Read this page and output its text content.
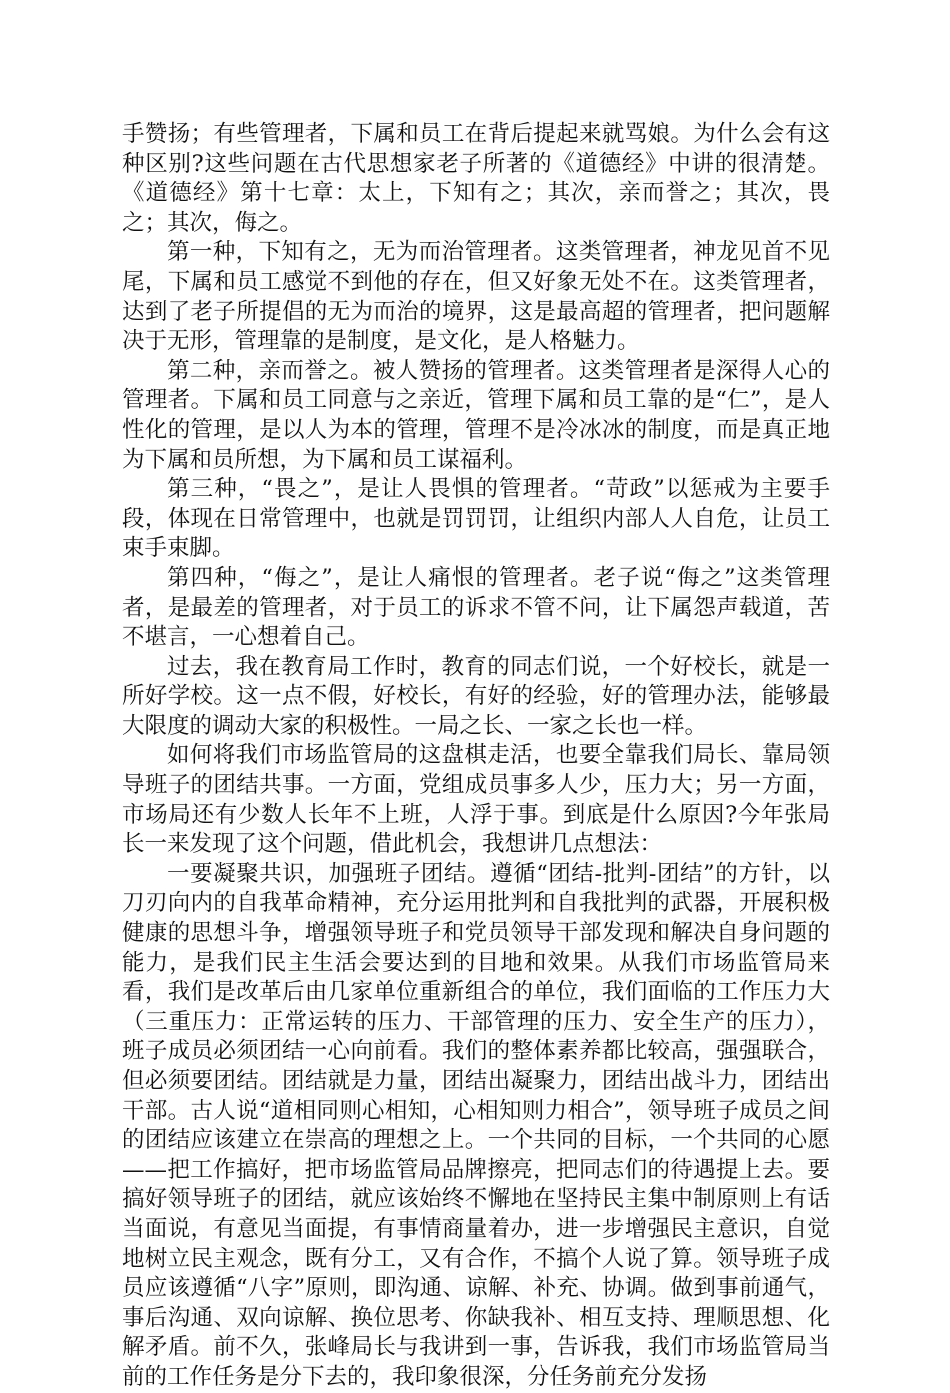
手赞扬；有些管理者，下属和员工在背后提起来就骂娘。为什么会有这种区别?这些问题在古代思想家老子所著的《道德经》中讲的很清楚。《道德经》第十七章：太上，下知有之；其次，亲而誉之；其次，畏之；其次，侮之。

第一种，下知有之，无为而治管理者。这类管理者，神龙见首不见尾，下属和员工感觉不到他的存在，但又好象无处不在。这类管理者，达到了老子所提倡的无为而治的境界，这是最高超的管理者，把问题解决于无形，管理靠的是制度，是文化，是人格魅力。

第二种，亲而誉之。被人赞扬的管理者。这类管理者是深得人心的管理者。下属和员工同意与之亲近，管理下属和员工靠的是“仁”，是人性化的管理，是以人为本的管理，管理不是冷冰冰的制度，而是真正地为下属和员所想，为下属和员工谋福利。

第三种，“畏之”，是让人畏惧的管理者。“苛政”以惩戒为主要手段，体现在日常管理中，也就是罚罚罚，让组织内部人人自危，让员工束手束脚。

第四种，“侮之”，是让人痛恨的管理者。老子说“侮之”这类管理者，是最差的管理者，对于员工的诉求不管不问，让下属怨声载道，苦不堪言，一心想着自己。

过去，我在教育局工作时，教育的同志们说，一个好校长，就是一所好学校。这一点不假，好校长，有好的经验，好的管理办法，能够最大限度的调动大家的积极性。一局之长、一家之长也一样。

如何将我们市场监管局的这盘棋走活，也要全靠我们局长、靠局领导班子的团结共事。一方面，党组成员事多人少，压力大；另一方面，市场局还有少数人长年不上班，人浮于事。到底是什么原因?今年张局长一来发现了这个问题，借此机会，我想讲几点想法：

一要凝聚共识，加强班子团结。遵循“团结-批判-团结”的方针，以刀刃向内的自我革命精神，充分运用批判和自我批判的武器，开展积极健康的思想斗争，增强领导班子和党员领导干部发现和解决自身问题的能力，是我们民主生活会要达到的目地和效果。从我们市场监管局来看，我们是改革后由几家单位重新组合的单位，我们面临的工作压力大（三重压力：正常运转的压力、干部管理的压力、安全生产的压力），班子成员必须团结一心向前看。我们的整体素养都比较高，强强联合，但必须要团结。团结就是力量，团结出凝聚力，团结出战斗力，团结出干部。古人说“道相同则心相知，心相知则力相合”，领导班子成员之间的团结应该建立在崇高的理想之上。一个共同的目标，一个共同的心愿——把工作搞好，把市场监管局品牌擦亮，把同志们的待遇提上去。要搞好领导班子的团结，就应该始终不懈地在坚持民主集中制原则上有话当面说，有意见当面提，有事情商量着办，进一步增强民主意识，自觉地树立民主观念，既有分工，又有合作，不搞个人说了算。领导班子成员应该遵循“八字”原则，即沟通、谅解、补充、协调。做到事前通气，事后沟通、双向谅解、换位思考、你缺我补、相互支持、理顺思想、化解矛盾。前不久，张峰局长与我讲到一事，告诉我，我们市场监管局当前的工作任务是分下去的，我印象很深，分任务前充分发扬
